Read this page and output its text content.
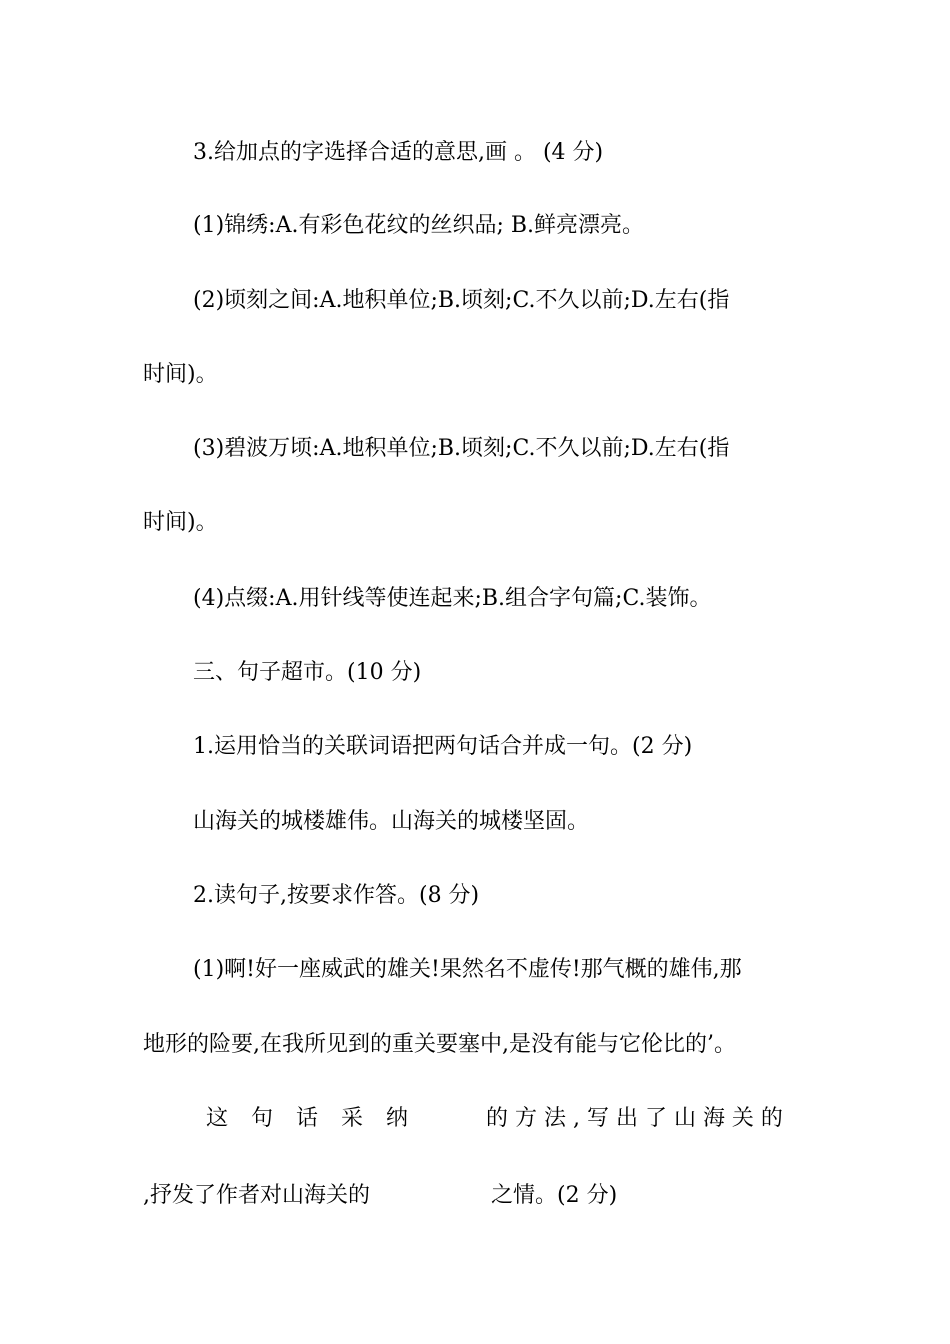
3.给加点的字选择合适的意思,画 。 (4 分)
(1)锦绣:A.有彩色花纹的丝织品; B.鲜亮漂亮。
(2)顷刻之间:A.地积单位;B.顷刻;C.不久以前;D.左右(指
时间)。
(3)碧波万顷:A.地积单位;B.顷刻;C.不久以前;D.左右(指
时间)。
(4)点缀:A.用针线等使连起来;B.组合字句篇;C.装饰。
三、句子超市。(10 分)
1.运用恰当的关联词语把两句话合并成一句。(2 分)
山海关的城楼雄伟。山海关的城楼坚固。
2.读句子,按要求作答。(8 分)
(1)啊!好一座威武的雄关!果然名不虚传!那气概的雄伟,那
地形的险要,在我所见到的重关要塞中,是没有能与它伦比的’。
这 句 话 采 纳	的 方 法 , 写 出 了 山 海 关 的
,抒发了作者对山海关的	之情。(2 分)
